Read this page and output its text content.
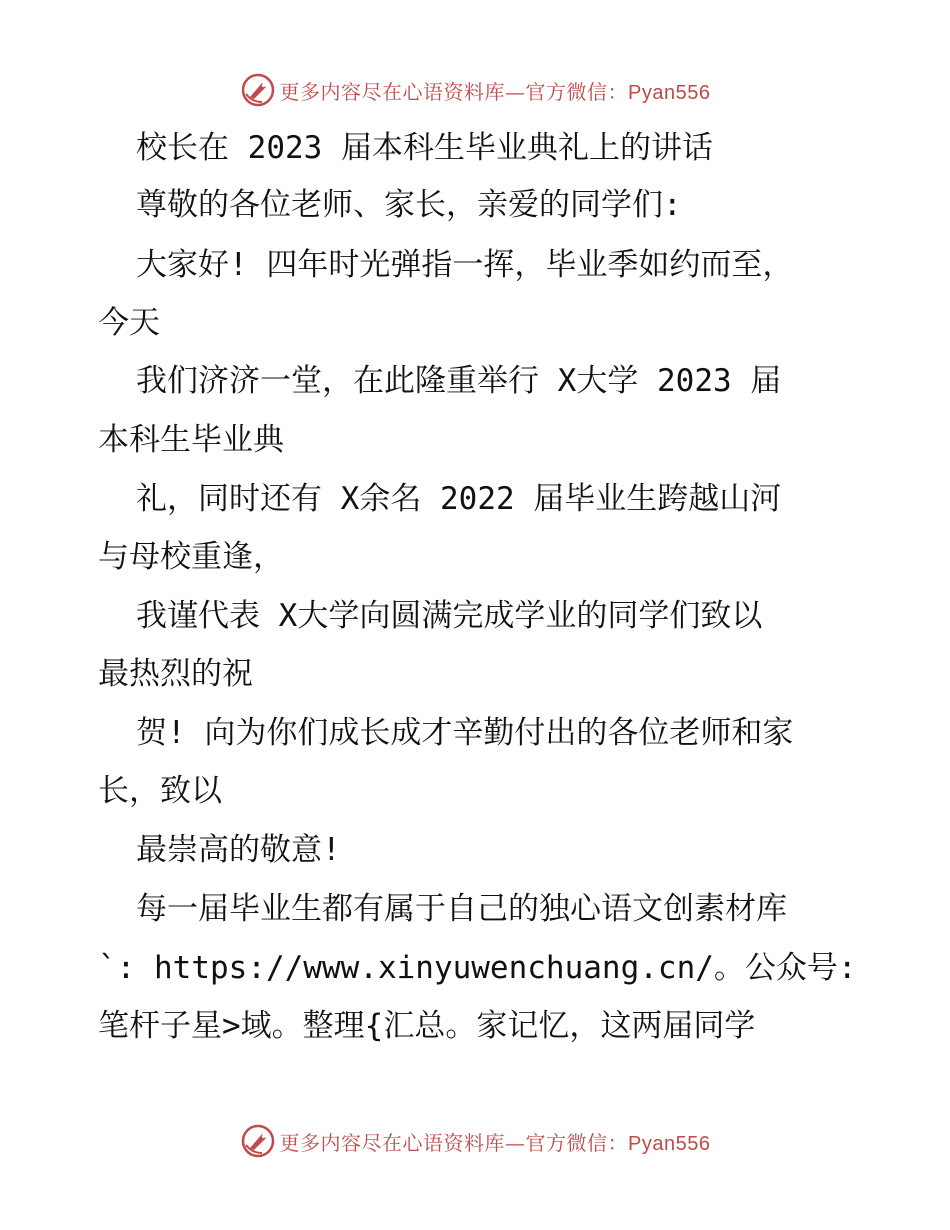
更多内容尽在心语资料库—官方微信：Pyan556
校长在 2023 届本科生毕业典礼上的讲话
尊敬的各位老师、家长，亲爱的同学们:
大家好! 四年时光弹指一挥，毕业季如约而至，
今天
我们济济一堂，在此隆重举行 X大学 2023 届
本科生毕业典
礼，同时还有 X余名 2022 届毕业生跨越山河
与母校重逢，
我谨代表 X大学向圆满完成学业的同学们致以
最热烈的祝
贺! 向为你们成长成才辛勤付出的各位老师和家
长，致以
最崇高的敬意!
每一届毕业生都有属于自己的独心语文创素材库
`: https://www.xinyuwenchuang.cn/。公众号:
笔杆子星>域。整理{汇总。家记忆，这两届同学
更多内容尽在心语资料库—官方微信：Pyan556
